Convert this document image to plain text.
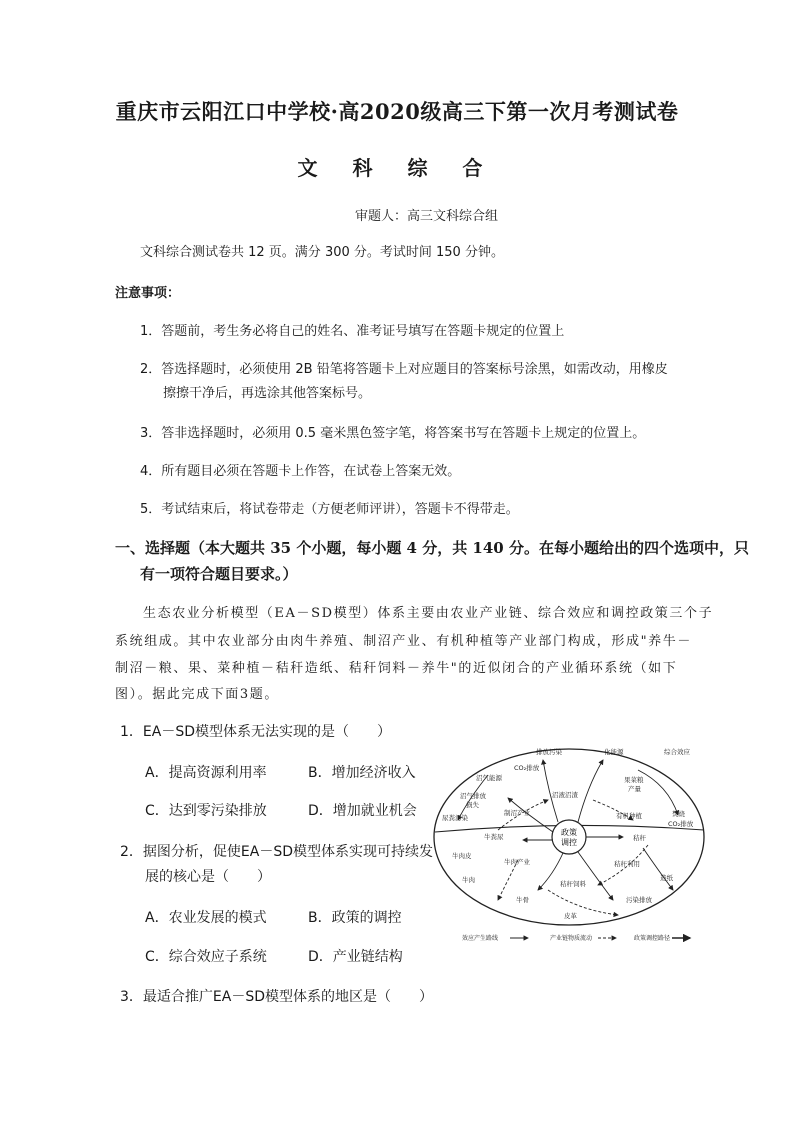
重庆市云阳江口中学校·高2020级高三下第一次月考测试卷
文 科 综 合
审题人：高三文科综合组
文科综合测试卷共 12 页。满分 300 分。考试时间 150 分钟。
注意事项：
1．答题前，考生务必将自己的姓名、准考证号填写在答题卡规定的位置上
2．答选择题时，必须使用 2B 铅笔将答题卡上对应题目的答案标号涂黑，如需改动，用橡皮
擦擦干净后，再选涂其他答案标号。
3．答非选择题时，必须用 0.5 毫米黑色签字笔，将答案书写在答题卡上规定的位置上。
4．所有题目必须在答题卡上作答，在试卷上答案无效。
5．考试结束后，将试卷带走（方便老师评讲），答题卡不得带走。
一、选择题（本大题共 35 个小题，每小题 4 分，共 140 分。在每小题给出的四个选项中，只
有一项符合题目要求。）
生态农业分析模型（EA－SD模型）体系主要由农业产业链、综合效应和调控政策三个子
系统组成。其中农业部分由肉牛养殖、制沼产业、有机种植等产业部门构成，形成"养牛－
制沼－粮、果、菜种植－秸秆造纸、秸秆饲料－养牛"的近似闭合的产业循环系统（如下
图）。据此完成下面3题。
1．EA－SD模型体系无法实现的是（　　）
A．提高资源利用率	B．增加经济收入
C．达到零污染排放	D．增加就业机会
2．据图分析，促使EA－SD模型体系实现可持续发
展的核心是（　　）
A．农业发展的模式	B．政策的调控
C．综合效应子系统	D．产业链结构
3．最适合推广EA－SD模型体系的地区是（　　）
政策
调控
排放污染	化能源	综合效应
CO₂排放
沼气能源	果菜粮
产量
沼气排放
损失
沼液沼渣
尿粪污染
制沼产业	有机种植	焚烧
CO₂排放
牛粪尿	秸秆
牛肉皮
牛肉产业	秸秆利用
牛肉	造纸
秸秆饲料
牛骨	污染排放
皮革
效应产生路线	产业链物质流动	政策调控路径
